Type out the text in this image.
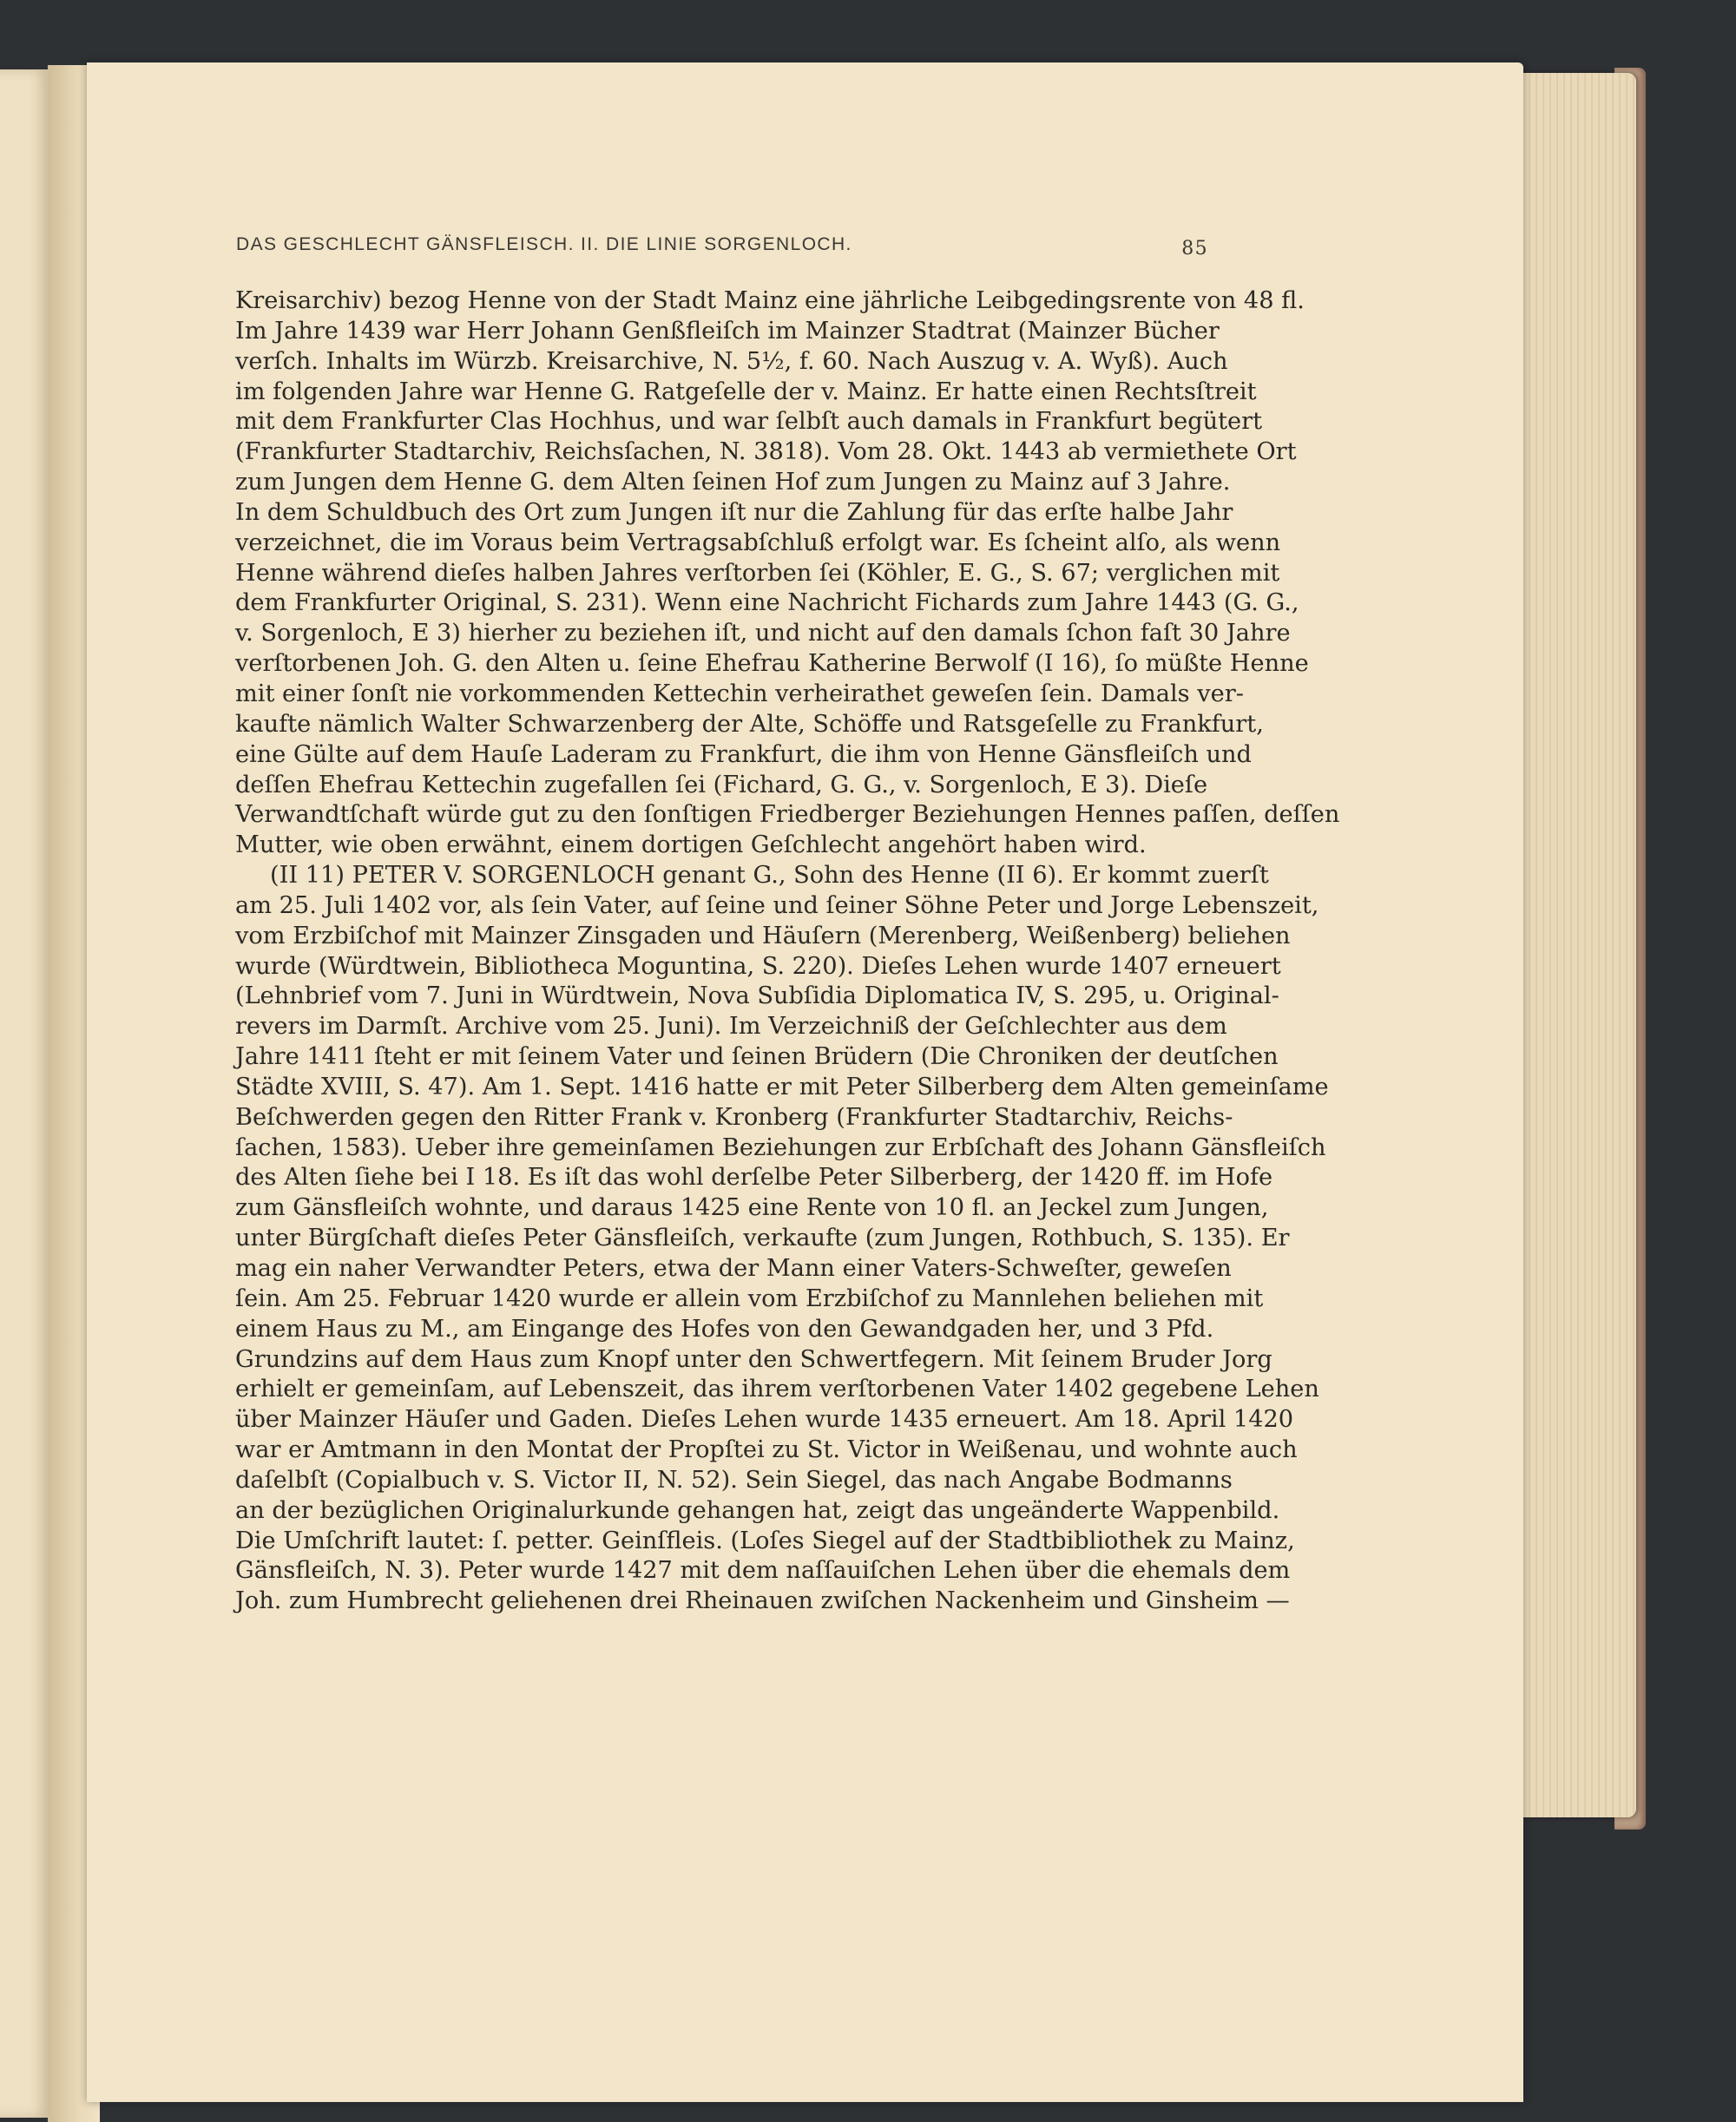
DAS GESCHLECHT GÄNSFLEISCH. II. DIE LINIE SORGENLOCH.	85
Kreisarchiv) bezog Henne von der Stadt Mainz eine jährliche Leibgedingsrente von 48 fl.
Im Jahre 1439 war Herr Johann Genßfleiſch im Mainzer Stadtrat (Mainzer Bücher
verſch. Inhalts im Würzb. Kreisarchive, N. 5½, f. 60. Nach Auszug v. A. Wyß). Auch
im folgenden Jahre war Henne G. Ratgeſelle der v. Mainz. Er hatte einen Rechtsſtreit
mit dem Frankfurter Clas Hochhus, und war ſelbſt auch damals in Frankfurt begütert
(Frankfurter Stadtarchiv, Reichsſachen, N. 3818). Vom 28. Okt. 1443 ab vermiethete Ort
zum Jungen dem Henne G. dem Alten ſeinen Hof zum Jungen zu Mainz auf 3 Jahre.
In dem Schuldbuch des Ort zum Jungen iſt nur die Zahlung für das erſte halbe Jahr
verzeichnet, die im Voraus beim Vertragsabſchluß erfolgt war. Es ſcheint alſo, als wenn
Henne während dieſes halben Jahres verſtorben ſei (Köhler, E. G., S. 67; verglichen mit
dem Frankfurter Original, S. 231). Wenn eine Nachricht Fichards zum Jahre 1443 (G. G.,
v. Sorgenloch, E 3) hierher zu beziehen iſt, und nicht auf den damals ſchon faſt 30 Jahre
verſtorbenen Joh. G. den Alten u. ſeine Ehefrau Katherine Berwolf (I 16), ſo müßte Henne
mit einer ſonſt nie vorkommenden Kettechin verheirathet geweſen ſein. Damals ver-
kaufte nämlich Walter Schwarzenberg der Alte, Schöffe und Ratsgeſelle zu Frankfurt,
eine Gülte auf dem Hauſe Laderam zu Frankfurt, die ihm von Henne Gänsfleiſch und
deſſen Ehefrau Kettechin zugefallen ſei (Fichard, G. G., v. Sorgenloch, E 3). Dieſe
Verwandtſchaft würde gut zu den ſonſtigen Friedberger Beziehungen Hennes paſſen, deſſen
Mutter, wie oben erwähnt, einem dortigen Geſchlecht angehört haben wird.
(II 11) PETER V. SORGENLOCH genant G., Sohn des Henne (II 6). Er kommt zuerſt
am 25. Juli 1402 vor, als ſein Vater, auf ſeine und ſeiner Söhne Peter und Jorge Lebenszeit,
vom Erzbiſchof mit Mainzer Zinsgaden und Häuſern (Merenberg, Weißenberg) beliehen
wurde (Würdtwein, Bibliotheca Moguntina, S. 220). Dieſes Lehen wurde 1407 erneuert
(Lehnbrief vom 7. Juni in Würdtwein, Nova Subſidia Diplomatica IV, S. 295, u. Original-
revers im Darmſt. Archive vom 25. Juni). Im Verzeichniß der Geſchlechter aus dem
Jahre 1411 ſteht er mit ſeinem Vater und ſeinen Brüdern (Die Chroniken der deutſchen
Städte XVIII, S. 47). Am 1. Sept. 1416 hatte er mit Peter Silberberg dem Alten gemeinſame
Beſchwerden gegen den Ritter Frank v. Kronberg (Frankfurter Stadtarchiv, Reichs-
ſachen, 1583). Ueber ihre gemeinſamen Beziehungen zur Erbſchaft des Johann Gänsfleiſch
des Alten ſiehe bei I 18. Es iſt das wohl derſelbe Peter Silberberg, der 1420 ff. im Hofe
zum Gänsfleiſch wohnte, und daraus 1425 eine Rente von 10 fl. an Jeckel zum Jungen,
unter Bürgſchaft dieſes Peter Gänsfleiſch, verkaufte (zum Jungen, Rothbuch, S. 135). Er
mag ein naher Verwandter Peters, etwa der Mann einer Vaters-Schweſter, geweſen
ſein. Am 25. Februar 1420 wurde er allein vom Erzbiſchof zu Mannlehen beliehen mit
einem Haus zu M., am Eingange des Hofes von den Gewandgaden her, und 3 Pfd.
Grundzins auf dem Haus zum Knopf unter den Schwertfegern. Mit ſeinem Bruder Jorg
erhielt er gemeinſam, auf Lebenszeit, das ihrem verſtorbenen Vater 1402 gegebene Lehen
über Mainzer Häuſer und Gaden. Dieſes Lehen wurde 1435 erneuert. Am 18. April 1420
war er Amtmann in den Montat der Propſtei zu St. Victor in Weißenau, und wohnte auch
daſelbſt (Copialbuch v. S. Victor II, N. 52). Sein Siegel, das nach Angabe Bodmanns
an der bezüglichen Originalurkunde gehangen hat, zeigt das ungeänderte Wappenbild.
Die Umſchrift lautet: ſ. petter. Geinſfleis. (Loſes Siegel auf der Stadtbibliothek zu Mainz,
Gänsfleiſch, N. 3). Peter wurde 1427 mit dem naſſauiſchen Lehen über die ehemals dem
Joh. zum Humbrecht geliehenen drei Rheinauen zwiſchen Nackenheim und Ginsheim —
